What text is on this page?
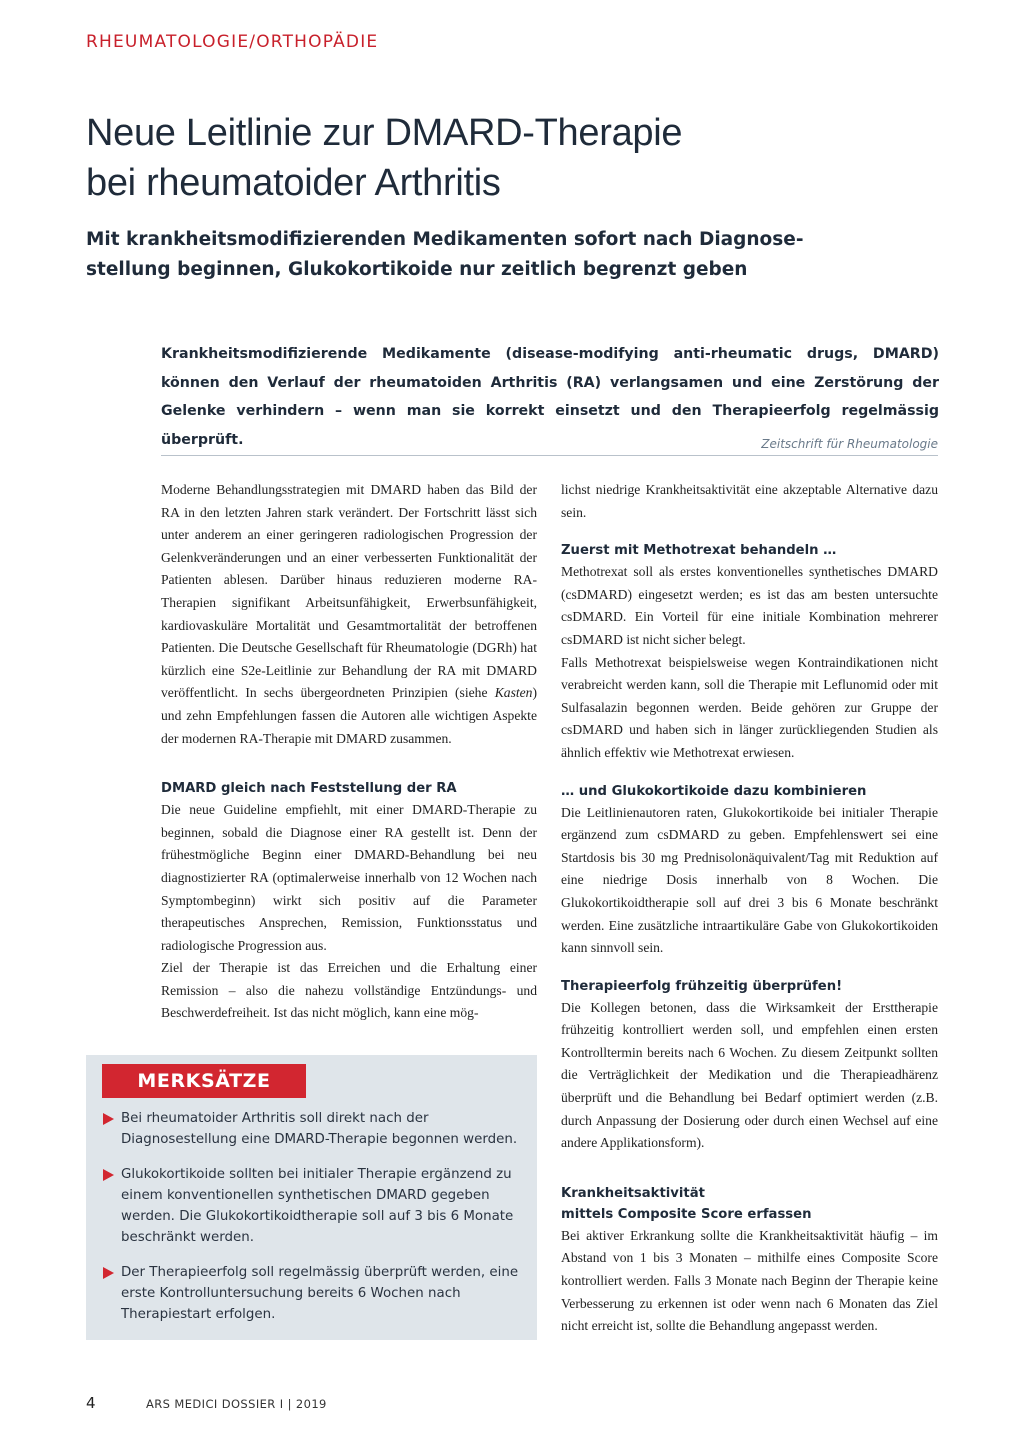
RHEUMATOLOGIE/ORTHOPÄDIE
Neue Leitlinie zur DMARD-Therapie
bei rheumatoider Arthritis
Mit krankheitsmodifizierenden Medikamenten sofort nach Diagnose-
stellung beginnen, Glukokortikoide nur zeitlich begrenzt geben

Krankheitsmodifizierende Medikamente (disease-modifying anti-rheumatic drugs, DMARD) können den Verlauf der rheumatoiden Arthritis (RA) verlangsamen und eine Zerstörung der Gelenke verhindern – wenn man sie korrekt einsetzt und den Therapieerfolg regelmässig überprüft.	Zeitschrift für Rheumatologie

Moderne Behandlungsstrategien mit DMARD haben das Bild der RA in den letzten Jahren stark verändert. Der Fortschritt lässt sich unter anderem an einer geringeren radiologischen Progression der Gelenkveränderungen und an einer verbesserten Funktionalität der Patienten ablesen. Darüber hinaus reduzieren moderne RA-Therapien signifikant Arbeitsunfähigkeit, Erwerbsunfähigkeit, kardiovaskuläre Mortalität und Gesamtmortalität der betroffenen Patienten. Die Deutsche Gesellschaft für Rheumatologie (DGRh) hat kürzlich eine S2e-Leitlinie zur Behandlung der RA mit DMARD veröffentlicht. In sechs übergeordneten Prinzipien (siehe Kasten) und zehn Empfehlungen fassen die Autoren alle wichtigen Aspekte der modernen RA-Therapie mit DMARD zusammen.

DMARD gleich nach Feststellung der RA

Die neue Guideline empfiehlt, mit einer DMARD-Therapie zu beginnen, sobald die Diagnose einer RA gestellt ist. Denn der frühestmögliche Beginn einer DMARD-Behandlung bei neu diagnostizierter RA (optimalerweise innerhalb von 12 Wochen nach Symptombeginn) wirkt sich positiv auf die Parameter therapeutisches Ansprechen, Remission, Funktionsstatus und radiologische Progression aus.

Ziel der Therapie ist das Erreichen und die Erhaltung einer Remission – also die nahezu vollständige Entzündungs- und Beschwerdefreiheit. Ist das nicht möglich, kann eine mög-

MERKSÄTZE
Bei rheumatoider Arthritis soll direkt nach der Diagnosestellung eine DMARD-Therapie begonnen werden.
Glukokortikoide sollten bei initialer Therapie ergänzend zu einem konventionellen synthetischen DMARD gegeben werden. Die Glukokortikoidtherapie soll auf 3 bis 6 Monate beschränkt werden.
Der Therapieerfolg soll regelmässig überprüft werden, eine erste Kontrolluntersuchung bereits 6 Wochen nach Therapiestart erfolgen.

lichst niedrige Krankheitsaktivität eine akzeptable Alternative dazu sein.

Zuerst mit Methotrexat behandeln …

Methotrexat soll als erstes konventionelles synthetisches DMARD (csDMARD) eingesetzt werden; es ist das am besten untersuchte csDMARD. Ein Vorteil für eine initiale Kombination mehrerer csDMARD ist nicht sicher belegt.

Falls Methotrexat beispielsweise wegen Kontraindikationen nicht verabreicht werden kann, soll die Therapie mit Leflunomid oder mit Sulfasalazin begonnen werden. Beide gehören zur Gruppe der csDMARD und haben sich in länger zurückliegenden Studien als ähnlich effektiv wie Methotrexat erwiesen.

… und Glukokortikoide dazu kombinieren

Die Leitlinienautoren raten, Glukokortikoide bei initialer Therapie ergänzend zum csDMARD zu geben. Empfehlenswert sei eine Startdosis bis 30 mg Prednisolonäquivalent/Tag mit Reduktion auf eine niedrige Dosis innerhalb von 8 Wochen. Die Glukokortikoidtherapie soll auf drei 3 bis 6 Monate beschränkt werden. Eine zusätzliche intraartikuläre Gabe von Glukokortikoiden kann sinnvoll sein.

Therapieerfolg frühzeitig überprüfen!

Die Kollegen betonen, dass die Wirksamkeit der Ersttherapie frühzeitig kontrolliert werden soll, und empfehlen einen ersten Kontrolltermin bereits nach 6 Wochen. Zu diesem Zeitpunkt sollten die Verträglichkeit der Medikation und die Therapieadhärenz überprüft und die Behandlung bei Bedarf optimiert werden (z.B. durch Anpassung der Dosierung oder durch einen Wechsel auf eine andere Applikationsform).

Krankheitsaktivität
mittels Composite Score erfassen

Bei aktiver Erkrankung sollte die Krankheitsaktivität häufig – im Abstand von 1 bis 3 Monaten – mithilfe eines Composite Score kontrolliert werden. Falls 3 Monate nach Beginn der Therapie keine Verbesserung zu erkennen ist oder wenn nach 6 Monaten das Ziel nicht erreicht ist, sollte die Behandlung angepasst werden.

4	ARS MEDICI DOSSIER I | 2019
